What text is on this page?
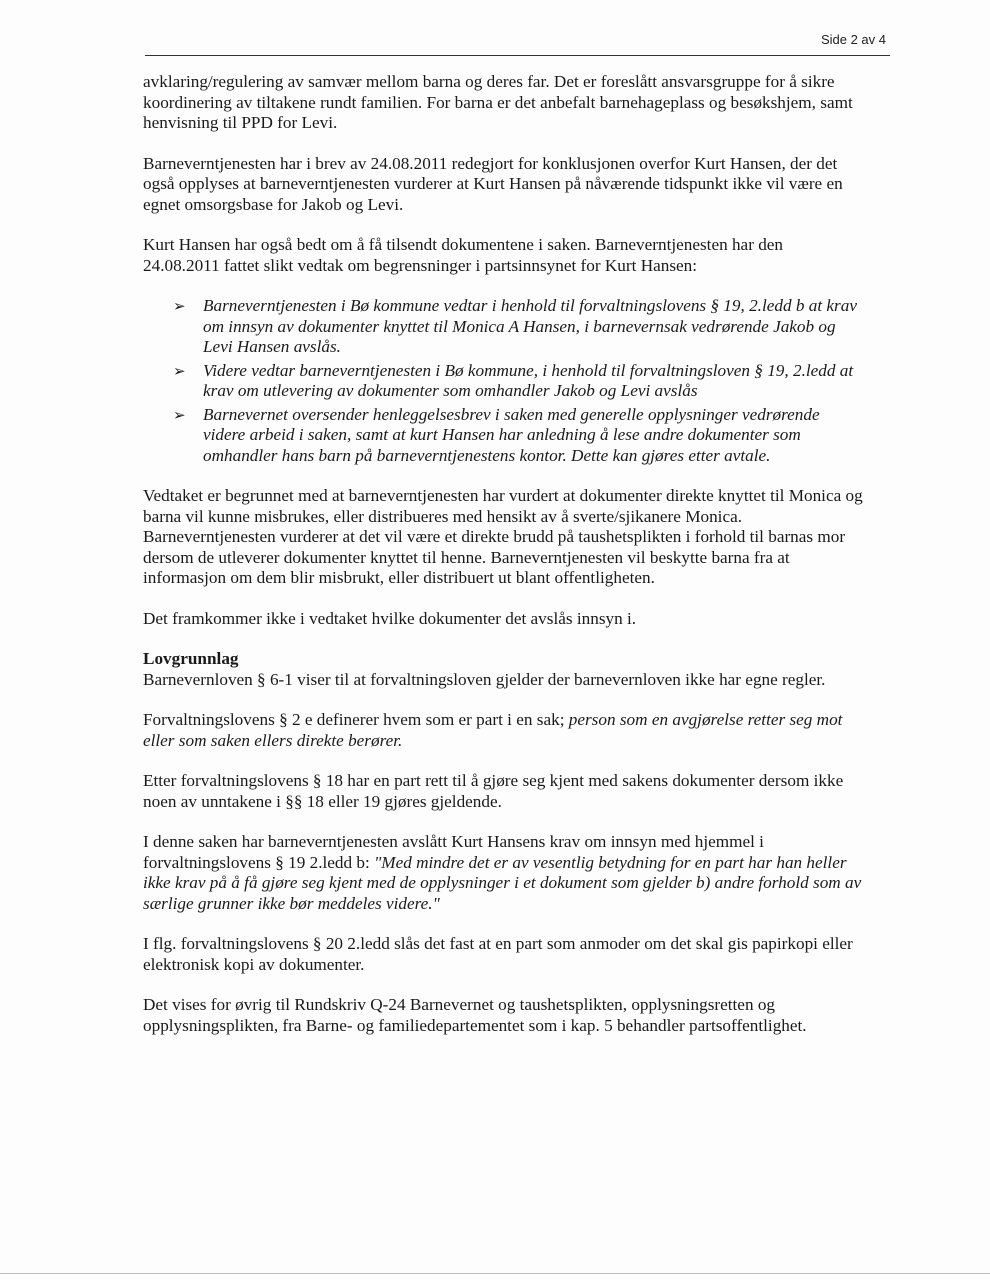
Side 2 av 4

avklaring/regulering av samvær mellom barna og deres far. Det er foreslått ansvarsgruppe for å sikre koordinering av tiltakene rundt familien. For barna er det anbefalt barnehageplass og besøkshjem, samt henvisning til PPD for Levi.

Barneverntjenesten har i brev av 24.08.2011 redegjort for konklusjonen overfor Kurt Hansen, der det også opplyses at barneverntjenesten vurderer at Kurt Hansen på nåværende tidspunkt ikke vil være en egnet omsorgsbase for Jakob og Levi.

Kurt Hansen har også bedt om å få tilsendt dokumentene i saken. Barneverntjenesten har den 24.08.2011 fattet slikt vedtak om begrensninger i partsinnsynet for Kurt Hansen:

➢ Barneverntjenesten i Bø kommune vedtar i henhold til forvaltningslovens § 19, 2.ledd b at krav om innsyn av dokumenter knyttet til Monica A Hansen, i barnevernsak vedrørende Jakob og Levi Hansen avslås.
➢ Videre vedtar barneverntjenesten i Bø kommune, i henhold til forvaltningsloven § 19, 2.ledd at krav om utlevering av dokumenter som omhandler Jakob og Levi avslås
➢ Barnevernet oversender henleggelsesbrev i saken med generelle opplysninger vedrørende videre arbeid i saken, samt at kurt Hansen har anledning å lese andre dokumenter som omhandler hans barn på barneverntjenestens kontor. Dette kan gjøres etter avtale.

Vedtaket er begrunnet med at barneverntjenesten har vurdert at dokumenter direkte knyttet til Monica og barna vil kunne misbrukes, eller distribueres med hensikt av å sverte/sjikanere Monica. Barneverntjenesten vurderer at det vil være et direkte brudd på taushetsplikten i forhold til barnas mor dersom de utleverer dokumenter knyttet til henne. Barneverntjenesten vil beskytte barna fra at informasjon om dem blir misbrukt, eller distribuert ut blant offentligheten.

Det framkommer ikke i vedtaket hvilke dokumenter det avslås innsyn i.

Lovgrunnlag

Barnevernloven § 6-1 viser til at forvaltningsloven gjelder der barnevernloven ikke har egne regler.

Forvaltningslovens § 2 e definerer hvem som er part i en sak; person som en avgjørelse retter seg mot eller som saken ellers direkte berører.

Etter forvaltningslovens § 18 har en part rett til å gjøre seg kjent med sakens dokumenter dersom ikke noen av unntakene i §§ 18 eller 19 gjøres gjeldende.

I denne saken har barneverntjenesten avslått Kurt Hansens krav om innsyn med hjemmel i forvaltningslovens § 19 2.ledd b: "Med mindre det er av vesentlig betydning for en part har han heller ikke krav på å få gjøre seg kjent med de opplysninger i et dokument som gjelder b) andre forhold som av særlige grunner ikke bør meddeles videre."

I flg. forvaltningslovens § 20 2.ledd slås det fast at en part som anmoder om det skal gis papirkopi eller elektronisk kopi av dokumenter.

Det vises for øvrig til Rundskriv Q-24 Barnevernet og taushetsplikten, opplysningsretten og opplysningsplikten, fra Barne- og familiedepartementet som i kap. 5 behandler partsoffentlighet.
